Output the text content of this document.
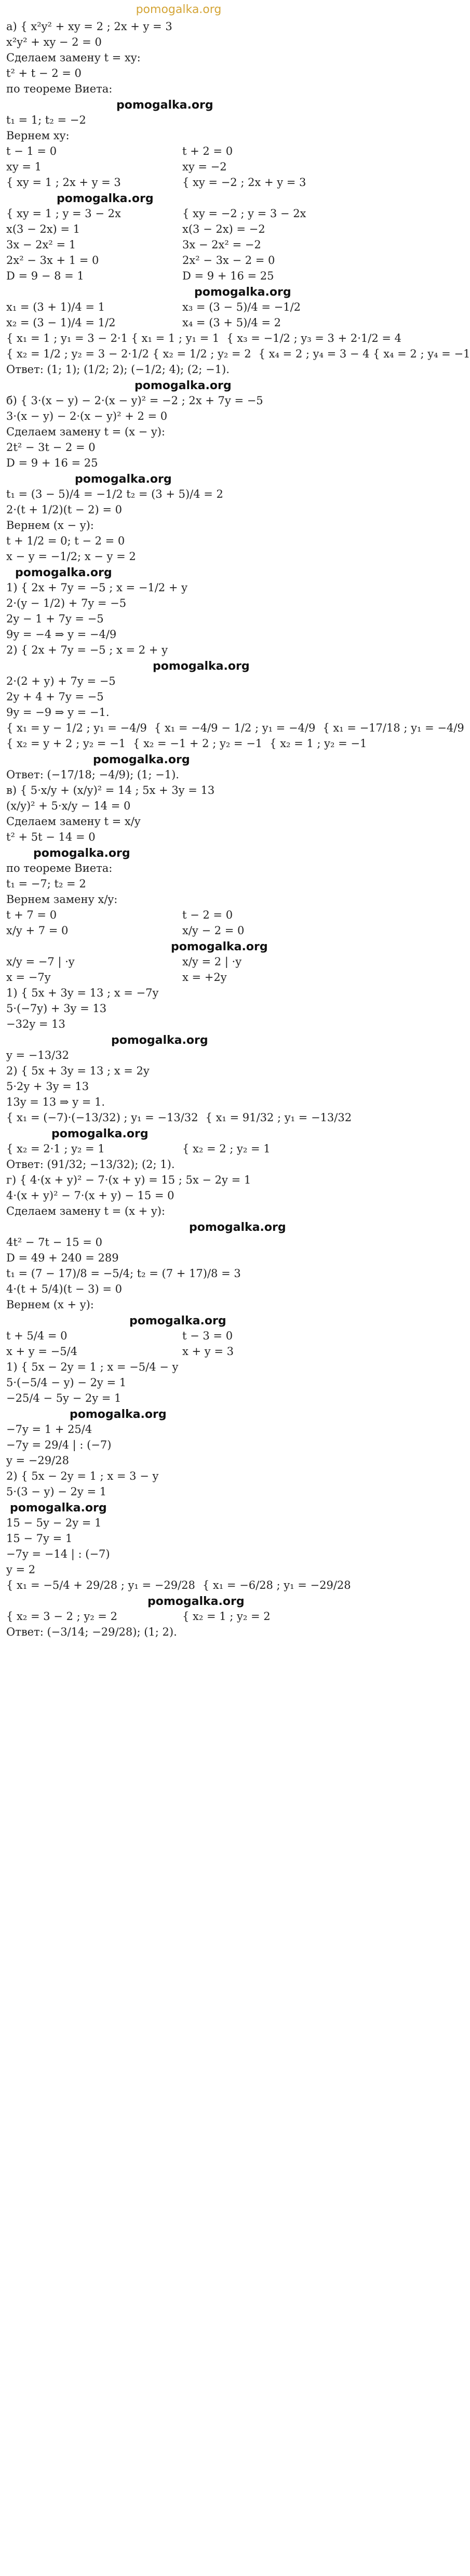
pomogalka.org
а) { x²y² + xy = 2 ; 2x + y = 3
x²y² + xy − 2 = 0
Сделаем замену t = xy:
t² + t − 2 = 0
по теореме Виета:
pomogalka.org
t₁ = 1; t₂ = −2
Вернем xy:
t − 1 = 0	t + 2 = 0
xy = 1	xy = −2
{ xy = 1 ; 2x + y = 3	{ xy = −2 ; 2x + y = 3
pomogalka.org
{ xy = 1 ; y = 3 − 2x	{ xy = −2 ; y = 3 − 2x
x(3 − 2x) = 1	x(3 − 2x) = −2
3x − 2x² = 1	3x − 2x² = −2
2x² − 3x + 1 = 0	2x² − 3x − 2 = 0
D = 9 − 8 = 1	D = 9 + 16 = 25
pomogalka.org
x₁ = (3 + 1)/4 = 1	x₃ = (3 − 5)/4 = −1/2
x₂ = (3 − 1)/4 = 1/2	x₄ = (3 + 5)/4 = 2
{ x₁ = 1 ; y₁ = 3 − 2·1 { x₁ = 1 ; y₁ = 1 { x₃ = −1/2 ; y₃ = 3 + 2·1/2 = 4
{ x₂ = 1/2 ; y₂ = 3 − 2·1/2 { x₂ = 1/2 ; y₂ = 2 { x₄ = 2 ; y₄ = 3 − 4 { x₄ = 2 ; y₄ = −1
Ответ: (1; 1); (1/2; 2); (−1/2; 4); (2; −1).
pomogalka.org
б) { 3·(x − y) − 2·(x − y)² = −2 ; 2x + 7y = −5
3·(x − y) − 2·(x − y)² + 2 = 0
Сделаем замену t = (x − y):
2t² − 3t − 2 = 0
D = 9 + 16 = 25
pomogalka.org
t₁ = (3 − 5)/4 = −1/2 t₂ = (3 + 5)/4 = 2
2·(t + 1/2)(t − 2) = 0
Вернем (x − y):
t + 1/2 = 0; t − 2 = 0
x − y = −1/2; x − y = 2
pomogalka.org
1) { 2x + 7y = −5 ; x = −1/2 + y
2·(y − 1/2) + 7y = −5
2y − 1 + 7y = −5
9y = −4 ⇒ y = −4/9
2) { 2x + 7y = −5 ; x = 2 + y
pomogalka.org
2·(2 + y) + 7y = −5
2y + 4 + 7y = −5
9y = −9 ⇒ y = −1.
{ x₁ = y − 1/2 ; y₁ = −4/9 { x₁ = −4/9 − 1/2 ; y₁ = −4/9 { x₁ = −17/18 ; y₁ = −4/9
{ x₂ = y + 2 ; y₂ = −1 { x₂ = −1 + 2 ; y₂ = −1 { x₂ = 1 ; y₂ = −1
pomogalka.org
Ответ: (−17/18; −4/9); (1; −1).
в) { 5·x/y + (x/y)² = 14 ; 5x + 3y = 13
(x/y)² + 5·x/y − 14 = 0
Сделаем замену t = x/y
t² + 5t − 14 = 0
pomogalka.org
по теореме Виета:
t₁ = −7; t₂ = 2
Вернем замену x/y:
t + 7 = 0	t − 2 = 0
x/y + 7 = 0	x/y − 2 = 0
pomogalka.org
x/y = −7 | ·y	x/y = 2 | ·y
x = −7y	x = +2y
1) { 5x + 3y = 13 ; x = −7y
5·(−7y) + 3y = 13
−32y = 13
pomogalka.org
y = −13/32
2) { 5x + 3y = 13 ; x = 2y
5·2y + 3y = 13
13y = 13 ⇒ y = 1.
{ x₁ = (−7)·(−13/32) ; y₁ = −13/32 { x₁ = 91/32 ; y₁ = −13/32
pomogalka.org
{ x₂ = 2·1 ; y₂ = 1	{ x₂ = 2 ; y₂ = 1
Ответ: (91/32; −13/32); (2; 1).
г) { 4·(x + y)² − 7·(x + y) = 15 ; 5x − 2y = 1
4·(x + y)² − 7·(x + y) − 15 = 0
Сделаем замену t = (x + y):
pomogalka.org
4t² − 7t − 15 = 0
D = 49 + 240 = 289
t₁ = (7 − 17)/8 = −5/4; t₂ = (7 + 17)/8 = 3
4·(t + 5/4)(t − 3) = 0
Вернем (x + y):
pomogalka.org
t + 5/4 = 0	t − 3 = 0
x + y = −5/4	x + y = 3
1) { 5x − 2y = 1 ; x = −5/4 − y
5·(−5/4 − y) − 2y = 1
−25/4 − 5y − 2y = 1
pomogalka.org
−7y = 1 + 25/4
−7y = 29/4 | : (−7)
y = −29/28
2) { 5x − 2y = 1 ; x = 3 − y
5·(3 − y) − 2y = 1
pomogalka.org
15 − 5y − 2y = 1
15 − 7y = 1
−7y = −14 | : (−7)
y = 2
{ x₁ = −5/4 + 29/28 ; y₁ = −29/28 { x₁ = −6/28 ; y₁ = −29/28
pomogalka.org
{ x₂ = 3 − 2 ; y₂ = 2	{ x₂ = 1 ; y₂ = 2
Ответ: (−3/14; −29/28); (1; 2).
